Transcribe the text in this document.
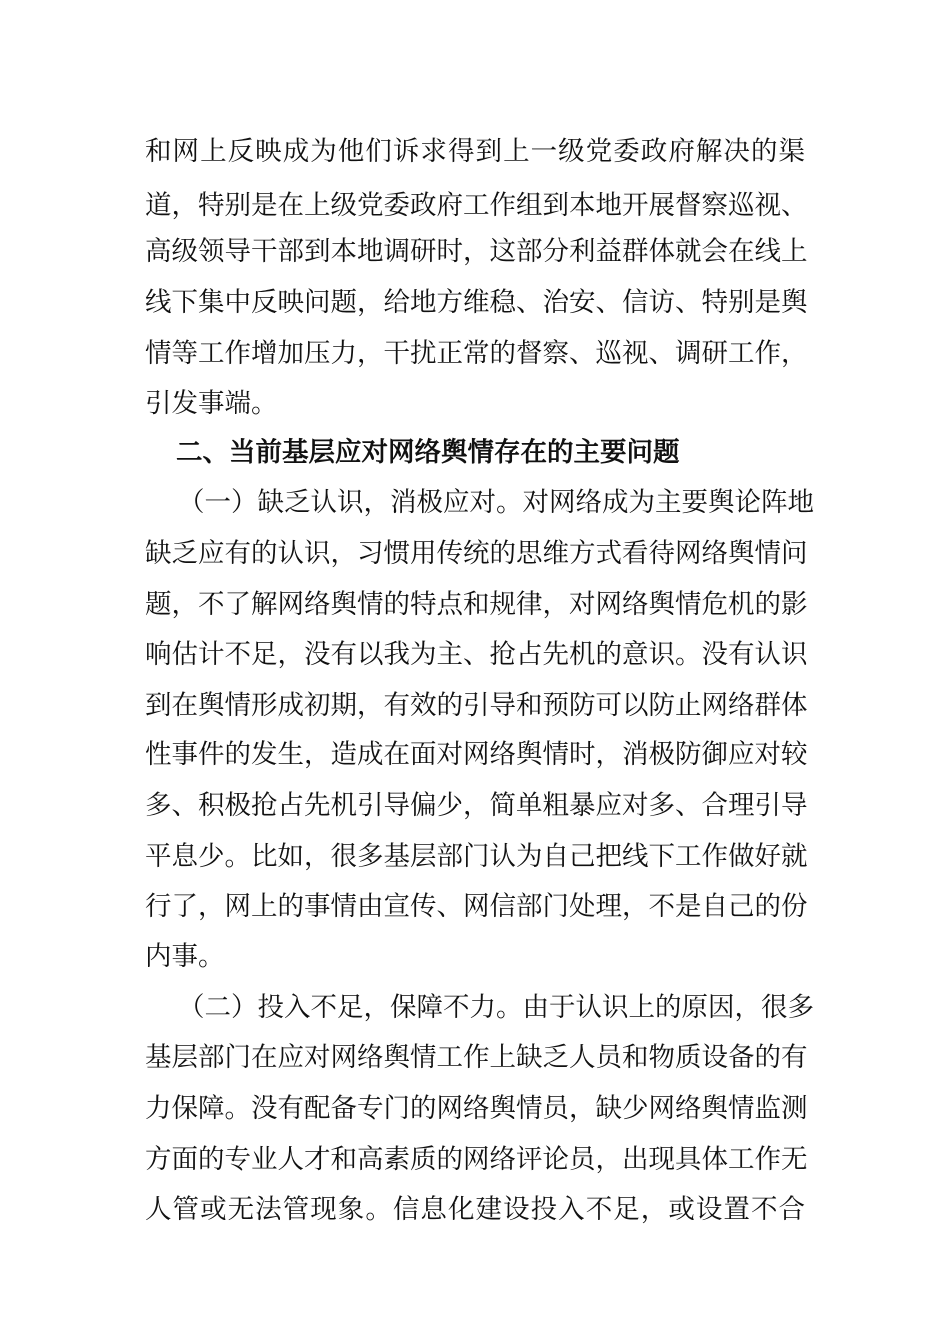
和网上反映成为他们诉求得到上一级党委政府解决的渠
道，特别是在上级党委政府工作组到本地开展督察巡视、
高级领导干部到本地调研时，这部分利益群体就会在线上
线下集中反映问题，给地方维稳、治安、信访、特别是舆
情等工作增加压力，干扰正常的督察、巡视、调研工作，
引发事端。
二、当前基层应对网络舆情存在的主要问题
（一）缺乏认识，消极应对。对网络成为主要舆论阵地
缺乏应有的认识，习惯用传统的思维方式看待网络舆情问
题，不了解网络舆情的特点和规律，对网络舆情危机的影
响估计不足，没有以我为主、抢占先机的意识。没有认识
到在舆情形成初期，有效的引导和预防可以防止网络群体
性事件的发生，造成在面对网络舆情时，消极防御应对较
多、积极抢占先机引导偏少，简单粗暴应对多、合理引导
平息少。比如，很多基层部门认为自己把线下工作做好就
行了，网上的事情由宣传、网信部门处理，不是自己的份
内事。
（二）投入不足，保障不力。由于认识上的原因，很多
基层部门在应对网络舆情工作上缺乏人员和物质设备的有
力保障。没有配备专门的网络舆情员，缺少网络舆情监测
方面的专业人才和高素质的网络评论员，出现具体工作无
人管或无法管现象。信息化建设投入不足，或设置不合
